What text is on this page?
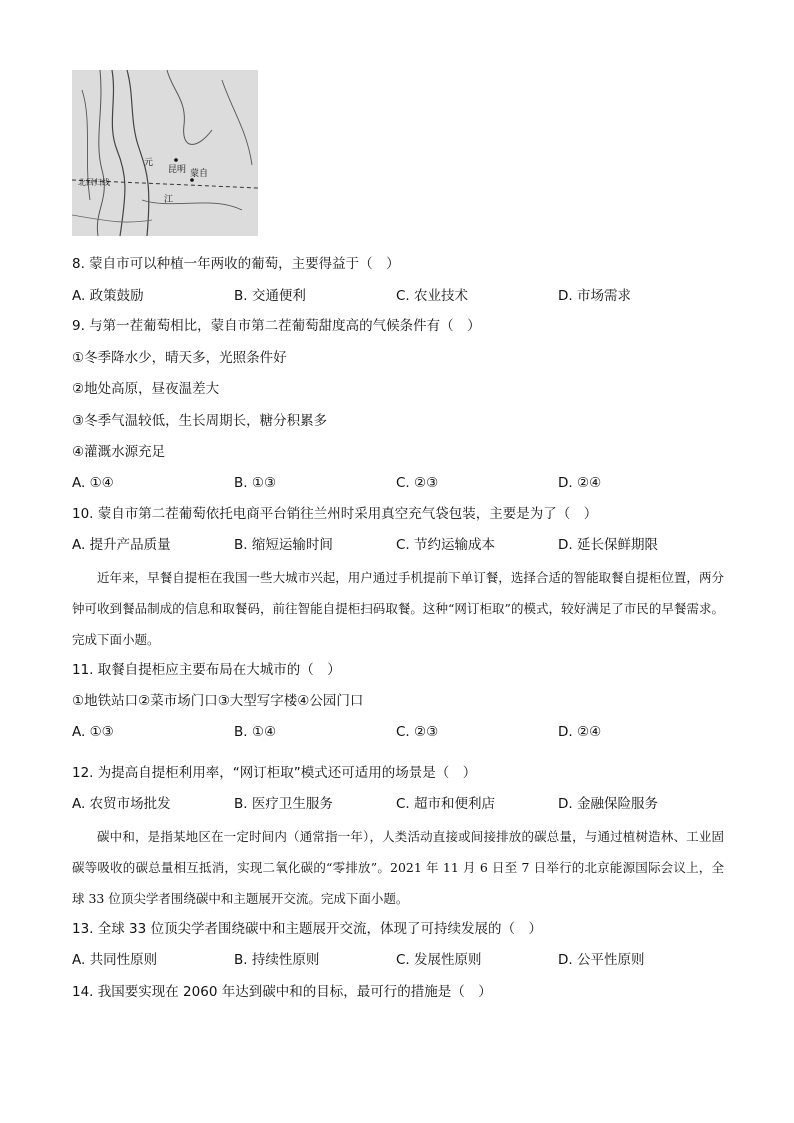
元
昆明 蒙自
北回归线
江
8. 蒙自市可以种植一年两收的葡萄，主要得益于（　）
A. 政策鼓励	B. 交通便利	C. 农业技术	D. 市场需求
9. 与第一茬葡萄相比，蒙自市第二茬葡萄甜度高的气候条件有（　）
①冬季降水少，晴天多，光照条件好
②地处高原，昼夜温差大
③冬季气温较低，生长周期长，糖分积累多
④灌溉水源充足
A. ①④	B. ①③	C. ②③	D. ②④
10. 蒙自市第二茬葡萄依托电商平台销往兰州时采用真空充气袋包装，主要是为了（　）
A. 提升产品质量	B. 缩短运输时间	C. 节约运输成本	D. 延长保鲜期限
近年来，早餐自提柜在我国一些大城市兴起，用户通过手机提前下单订餐，选择合适的智能取餐自提柜位置，两分钟可收到餐品制成的信息和取餐码，前往智能自提柜扫码取餐。这种“网订柜取”的模式，较好满足了市民的早餐需求。完成下面小题。
11. 取餐自提柜应主要布局在大城市的（　）
①地铁站口②菜市场门口③大型写字楼④公园门口
A. ①③	B. ①④	C. ②③	D. ②④
12. 为提高自提柜利用率，“网订柜取”模式还可适用的场景是（　）
A. 农贸市场批发	B. 医疗卫生服务	C. 超市和便利店	D. 金融保险服务
碳中和，是指某地区在一定时间内（通常指一年），人类活动直接或间接排放的碳总量，与通过植树造林、工业固碳等吸收的碳总量相互抵消，实现二氧化碳的“零排放”。2021 年 11 月 6 日至 7 日举行的北京能源国际会议上，全球 33 位顶尖学者围绕碳中和主题展开交流。完成下面小题。
13. 全球 33 位顶尖学者围绕碳中和主题展开交流，体现了可持续发展的（　）
A. 共同性原则	B. 持续性原则	C. 发展性原则	D. 公平性原则
14. 我国要实现在 2060 年达到碳中和的目标，最可行的措施是（　）
